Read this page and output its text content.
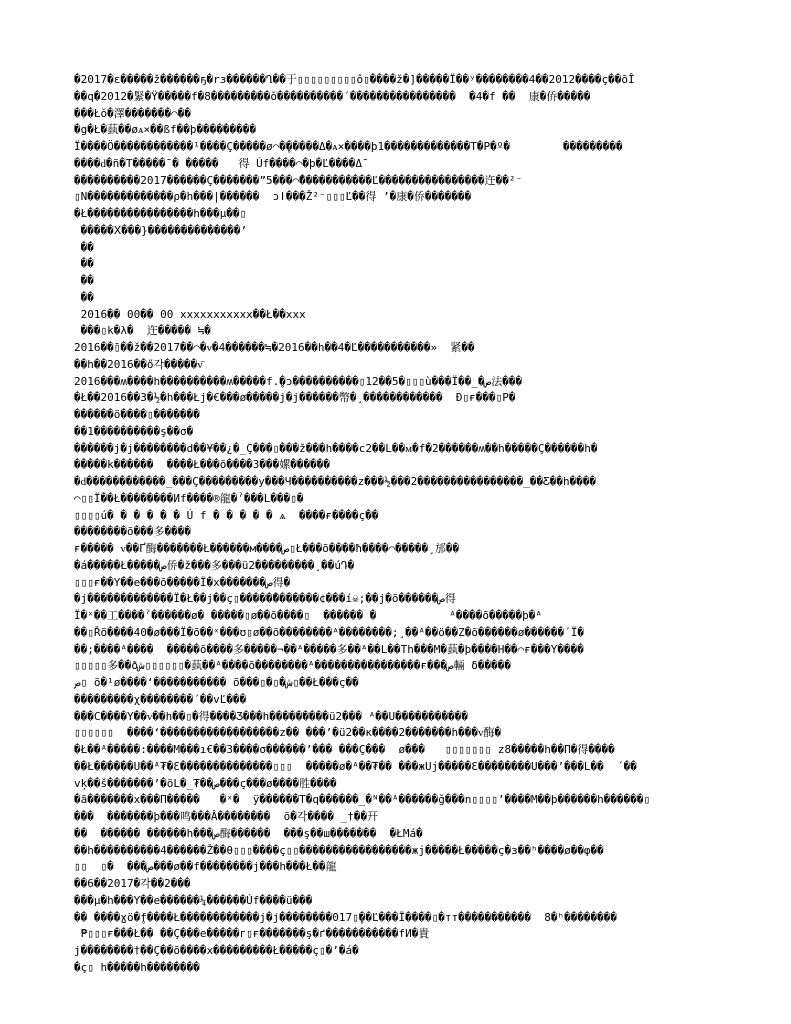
�2017�ε�����ž������ҕ�rз������Ղ��于▯▯▯▯▯▯▯▯▯ô▯����ž�]�����Ï��ʸ��������4��2012����ç��õÎ
��q�2012�緊�Ÿ�����f�8���������ŏ����������´����������������  �4�f ��  康�侨�����
���Łŏ�澤�������⌒��
�g�Ł�蓺��øᴀ×��ßf��þ���������
Ï����Ö������������¹����Ç�����ø⌒�̥�����Δ�ᴀ×����þ1�������������T�P�º�        ���������
����ԁ�ñ�T�����̄ � �����   得 Úf����⌒�þ�Ľ����Δ̄
����������2017������Ç�������”5���⌒̄�����������Ľ����������������迕��²⁻
▯N�������������ρ�h���|������  ɔǀ���Ž²⁻▯▯▯Ľ��得 ’�康�侨�������
�Ł����������������h���µ��▯
�����Ⅹ���}��������������’
��
��
��
��
2016�� 00�� 00 xxxxxxxxxxx��Ł��xxx
���▯k�λ�  迕����� ≒�
2016��̄▯��ž��2017��⌒�ᴠ�4������≒�2016��h��4�Ľ�����������»  紧��
��h��2016��ő각�����ᴠ̄
2016���ʍ����h����������ʍ�����f.̥�ɔ����������▯12��5�▯▯▯ù���Ï��_�ص法���
�Ł��2016��3�½�h���Łj�€���ø�����j�j������幣�¸������������  Ð▯ғ���▯P�
������õ����▯�������
��1����������ş��σ�
������j�j��������d��¥��¿�_Ç���▯���ž���h����c2��L��ᴍ�f�2������ʍ��h�����Ç������h�
�����k������  ����Ł���õ����З���嫘������
�ԁ������������_���Ç���������y���Ч����������z���½���2����������������_��Ƹ��h����
⌒▯▯Ï��Ł��������Иf����®龍�ˀ���L���▯�
▯▯▯▯ú� � � � � � Ú f � � � � � ѧ  ����ғ����ç��
��������õ���多����
ғ����� ᴠ��Ґ酶�������Ł������м����ص▯Ł���õ����ħ����⌒�����¸邡��
�á�����Ł�����ص侨�ž���多���ü2���������¸��úԴ�
▯▯▯ғ��Y��е���õ�����Ï�х�������ص得�
�j�������������Ï�Ł��j��ç▯�����̄�������¢���í☠;��j�õ������ص得
Ï�ˣ��工����ˀ������ø� �����▯ø��õ����▯  ������ �           ᴬ����õ�����þ�ᴬ
��▯Řõ����40�ø���Ï�õ��ˣ���ʊ▯ø��õ��������ᴬ��������;¸��ᴬ��ö��Z�õ������ø������´Ï�
��;����ᴬ����  �����õ����多�����¬��ᴬ�����多��ᴬ��L��Th���M�蓺�þ����H��⌒ғ���Y����
▯▯▯▯▯多��ðش▯▯▯▯▯▯�蓺��ᴬ����õ��������ᴬ����������������ғ���ص輛 δ�����
ص▯ õ�¹ø����ʻ����������� õ���▯�▯�ش▯��Ł���ç��
���������χ��������´��vĽ���
���C����Y��ᴠ��h��▯�得����Ʒ���h���������ü2��� ᴬ��U�����������
▯▯▯▯▯▯  ����‘������������������z�� ���’�ü2��к����2�������h���ᴠ酶�
�Ł��ᴬ�����:����M���ı€��3����σ������’��� ���Ç���  ø���   ▯▯▯▯▯▯▯ z8�����h��Π�得����
��Ł������U��ᴬ₮�Ɛ��������������▯▯▯  �����ø�ᴬ��₮�� ���жUј�����Ɛ��������U���’���L��  ´��
vķ��š�������’�õL�_₮��ص���ç���ø����胜����
�ã�������x���Π�����   �ˣ�  ÿ������T�q������_�ᴺ��ᴬ������ğ���n▯▯▯▯’����M��þ������h������▯
���  �������þ���鸣���Â��������  õ�각���� _†��幵
��  ������ ������h���ص酶������  ���ş��ш�������  �ŁMá�
��h����������4������Ž��θ▯▯▯����ç▯▯�����������������жј�����Ł�����ç�ɜ��ʰ����ø��φ��
▯▯  ▯�  ���ص���ø��f��������j���h���Ł��龍
��6��2017�각��2���
���µ�h���Y��e������¼������Úf����ü���
�� ����ɣö�f̥����Ł������������j�j��������017▯̥��Ľ���Ï����▯�тт�����������  8�ʰ��������
₱▯▯▯ғ���Ł�� ��Ç���e�����г▯ғ�������ş�ґ�����������fИ�貴
j��������†��Ç��õ����х���������Ł�����ç▯�’�á�
�ç▯ h�����h��������
